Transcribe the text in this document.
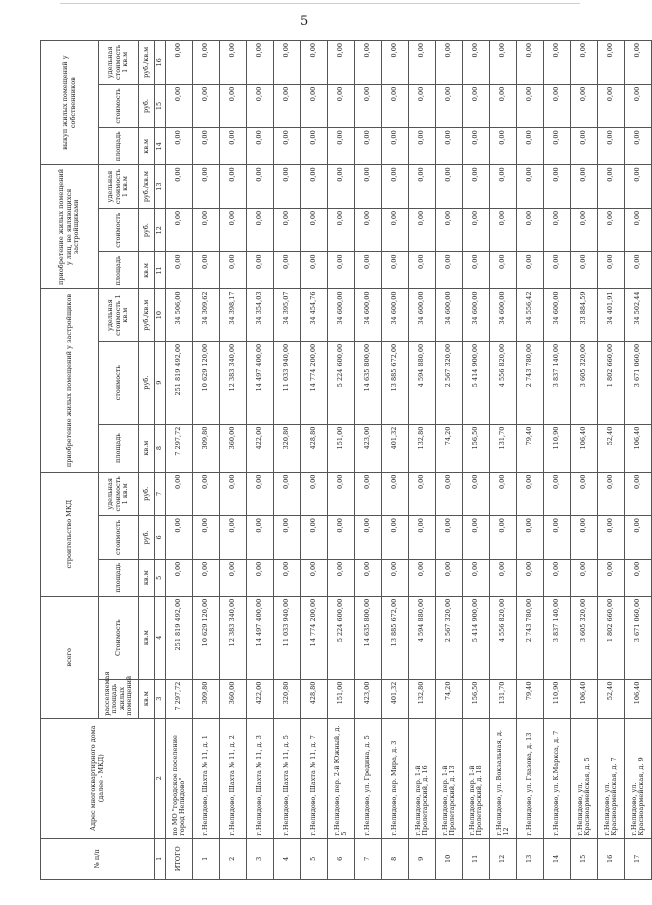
5
№ п/п	Адрес многоквартирного дома (далее - МКД)	всего		строительство МКД			приобретение жилых помещений у застройщиков			приобретение жилых помещений у лиц, не являющихся застройщиками			выкуп жилых помещений у собственников		
		расселяемая площадь жилых помещений	Стоимость	площадь	стоимость	удельная стоимость 1 кв.м	площадь	стоимость	удельная стоимость 1 кв.м	площадь	стоимость	удельная стоимость 1 кв.м	площадь	стоимость	удельная стоимость 1 кв.м
		кв.м	кв.м	кв.м	руб.	руб.	кв.м	руб.	руб./кв.м	кв.м	руб.	руб./кв.м	кв.м	руб.	руб./кв.м
1	2	3	4	5	6	7	8	9	10	11	12	13	14	15	16
ИТОГО	по МО "городское поселение город Нелидово"	7 297,72	251 819 492,00	0,00	0,00	0,00	7 297,72	251 819 492,00	34 506,00	0,00	0,00	0,00	0,00	0,00	0,00
1	г.Нелидово, Шахта № 11, д. 1	309,80	10 629 120,00	0,00	0,00	0,00	309,80	10 629 120,00	34 309,62	0,00	0,00	0,00	0,00	0,00	0,00
2	г.Нелидово, Шахта № 11, д. 2	360,00	12 383 340,00	0,00	0,00	0,00	360,00	12 383 340,00	34 398,17	0,00	0,00	0,00	0,00	0,00	0,00
3	г.Нелидово, Шахта № 11, д. 3	422,00	14 497 400,00	0,00	0,00	0,00	422,00	14 497 400,00	34 354,03	0,00	0,00	0,00	0,00	0,00	0,00
4	г.Нелидово, Шахта № 11, д. 5	320,80	11 033 940,00	0,00	0,00	0,00	320,80	11 033 940,00	34 395,07	0,00	0,00	0,00	0,00	0,00	0,00
5	г.Нелидово, Шахта № 11, д. 7	428,80	14 774 200,00	0,00	0,00	0,00	428,80	14 774 200,00	34 454,76	0,00	0,00	0,00	0,00	0,00	0,00
6	г.Нелидово, пер. 2-й Южный, д. 5	151,00	5 224 600,00	0,00	0,00	0,00	151,00	5 224 600,00	34 600,00	0,00	0,00	0,00	0,00	0,00	0,00
7	г.Нелидово, ул. Гредина, д. 5	423,00	14 635 800,00	0,00	0,00	0,00	423,00	14 635 800,00	34 600,00	0,00	0,00	0,00	0,00	0,00	0,00
8	г.Нелидово, пер. Мира, д. 3	401,32	13 885 672,00	0,00	0,00	0,00	401,32	13 885 672,00	34 600,00	0,00	0,00	0,00	0,00	0,00	0,00
9	г.Нелидово, пер. 1-й Пролетарский, д. 16	132,80	4 594 880,00	0,00	0,00	0,00	132,80	4 594 880,00	34 600,00	0,00	0,00	0,00	0,00	0,00	0,00
10	г.Нелидово, пер. 1-й Пролетарский, д. 13	74,20	2 567 320,00	0,00	0,00	0,00	74,20	2 567 320,00	34 600,00	0,00	0,00	0,00	0,00	0,00	0,00
11	г.Нелидово, пер. 1-й Пролетарский, д. 18	156,50	5 414 900,00	0,00	0,00	0,00	156,50	5 414 900,00	34 600,00	0,00	0,00	0,00	0,00	0,00	0,00
12	г.Нелидово, ул. Вокзальная, д. 12	131,70	4 556 820,00	0,00	0,00	0,00	131,70	4 556 820,00	34 600,00	0,00	0,00	0,00	0,00	0,00	0,00
13	г.Нелидово, ул. Глазова, д. 13	79,40	2 743 780,00	0,00	0,00	0,00	79,40	2 743 780,00	34 556,42	0,00	0,00	0,00	0,00	0,00	0,00
14	г.Нелидово, ул. К.Маркса, д. 7	110,90	3 837 140,00	0,00	0,00	0,00	110,90	3 837 140,00	34 600,00	0,00	0,00	0,00	0,00	0,00	0,00
15	г.Нелидово, ул. Красноармейская, д. 5	106,40	3 605 320,00	0,00	0,00	0,00	106,40	3 605 320,00	33 884,59	0,00	0,00	0,00	0,00	0,00	0,00
16	г.Нелидово, ул. Красноармейская, д. 7	52,40	1 802 660,00	0,00	0,00	0,00	52,40	1 802 660,00	34 401,91	0,00	0,00	0,00	0,00	0,00	0,00
17	г.Нелидово, ул. Красноармейская, д. 9	106,40	3 671 060,00	0,00	0,00	0,00	106,40	3 671 060,00	34 502,44	0,00	0,00	0,00	0,00	0,00	0,00
